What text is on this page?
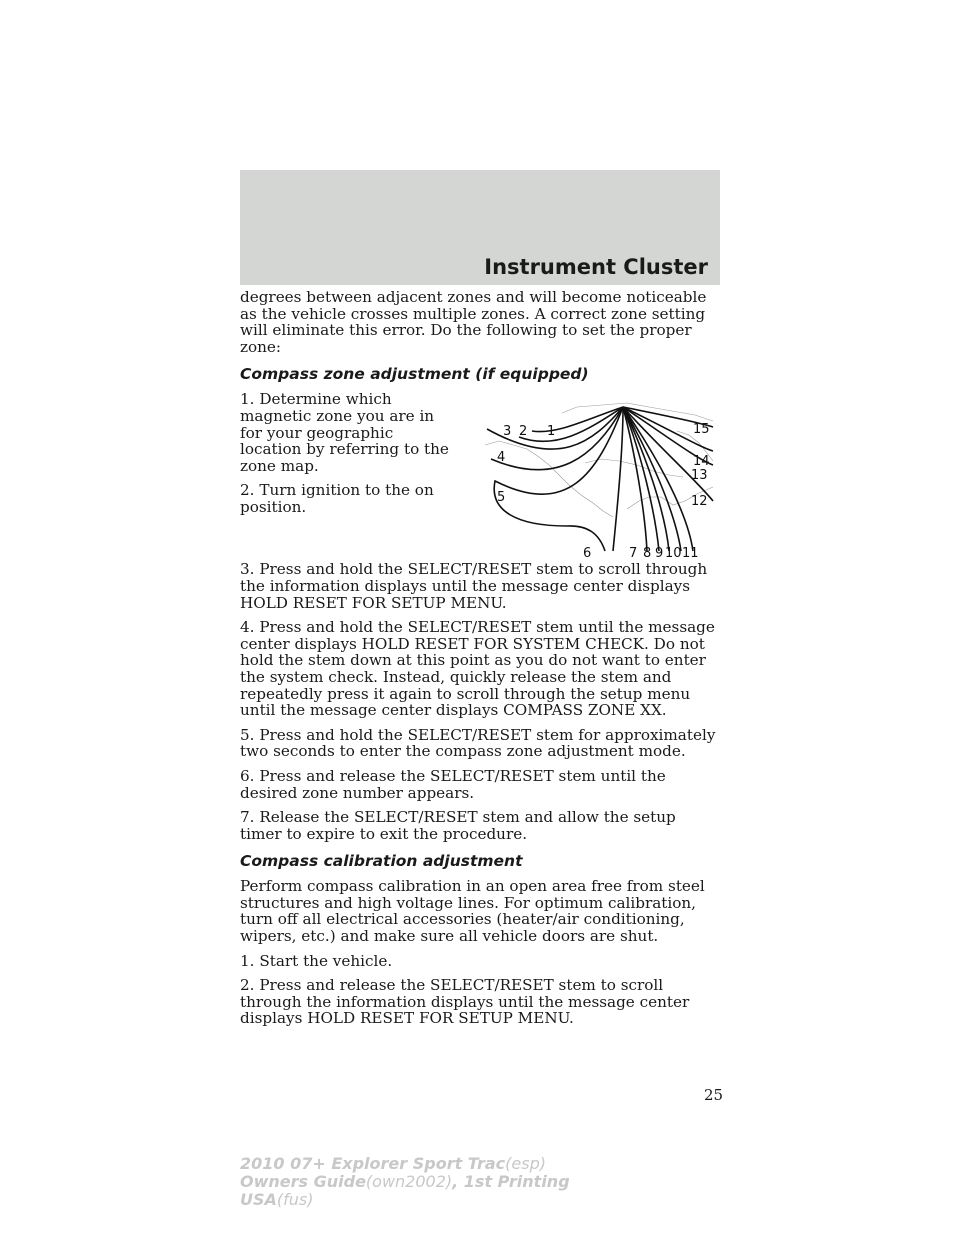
Instrument Cluster

degrees between adjacent zones and will become noticeable as the vehicle crosses multiple zones. A correct zone setting will eliminate this error. Do the following to set the proper zone:

Compass zone adjustment (if equipped)

1. Determine which magnetic zone you are in for your geographic location by referring to the zone map.

2. Turn ignition to the on position.

1
2
3
4
5
6	7 8 9 10 11
12
13
14
15

3. Press and hold the SELECT/RESET stem to scroll through the information displays until the message center displays HOLD RESET FOR SETUP MENU.

4. Press and hold the SELECT/RESET stem until the message center displays HOLD RESET FOR SYSTEM CHECK. Do not hold the stem down at this point as you do not want to enter the system check. Instead, quickly release the stem and repeatedly press it again to scroll through the setup menu until the message center displays COMPASS ZONE XX.

5. Press and hold the SELECT/RESET stem for approximately two seconds to enter the compass zone adjustment mode.

6. Press and release the SELECT/RESET stem until the desired zone number appears.

7. Release the SELECT/RESET stem and allow the setup timer to expire to exit the procedure.

Compass calibration adjustment

Perform compass calibration in an open area free from steel structures and high voltage lines. For optimum calibration, turn off all electrical accessories (heater/air conditioning, wipers, etc.) and make sure all vehicle doors are shut.

1. Start the vehicle.

2. Press and release the SELECT/RESET stem to scroll through the information displays until the message center displays HOLD RESET FOR SETUP MENU.

25
2010 07+ Explorer Sport Trac(esp)
Owners Guide(own2002), 1st Printing
USA(fus)
